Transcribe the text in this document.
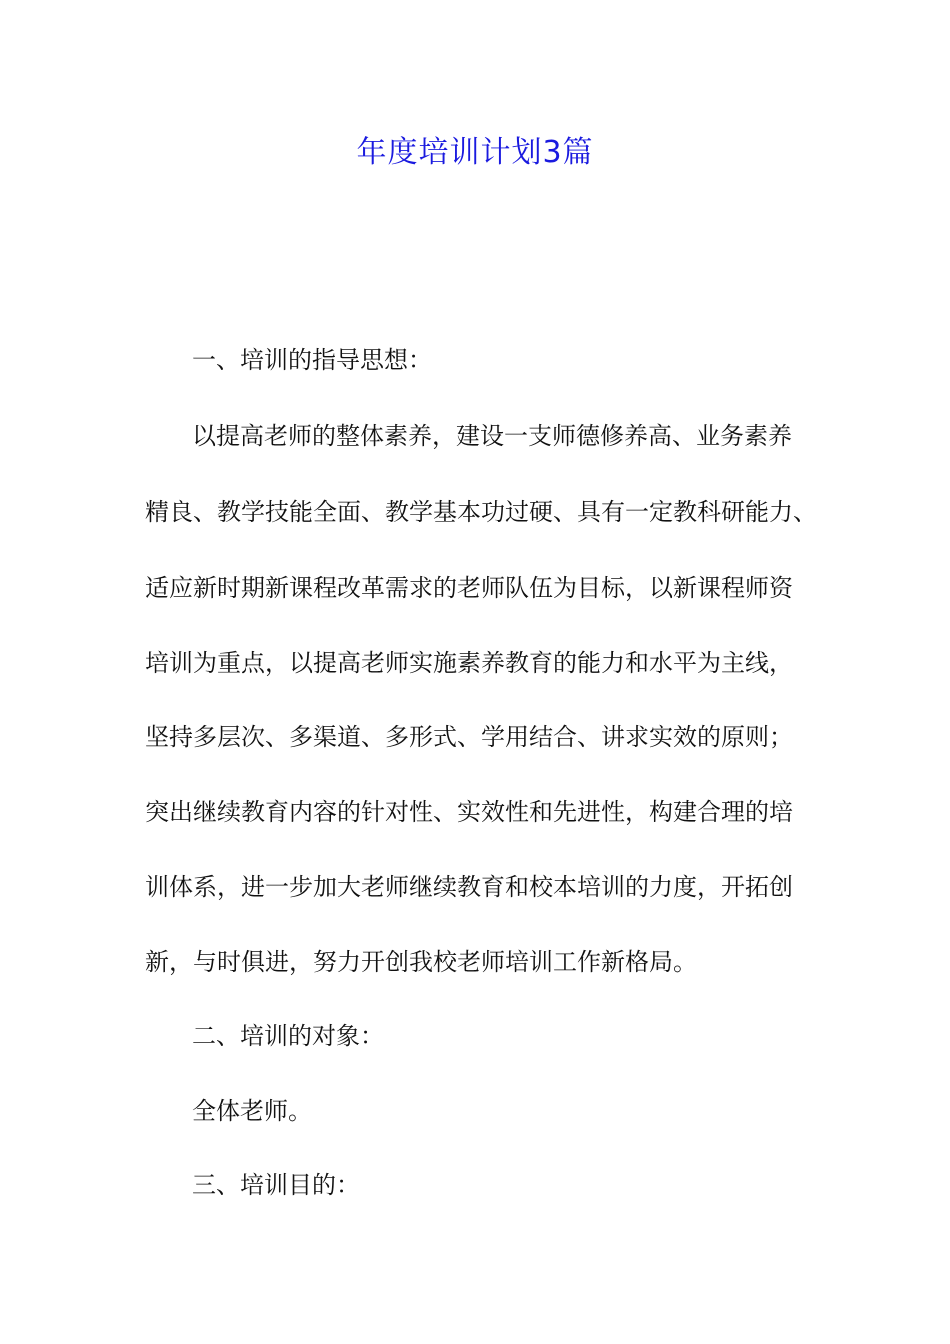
年度培训计划3篇
一、培训的指导思想：
以提高老师的整体素养，建设一支师德修养高、业务素养
精良、教学技能全面、教学基本功过硬、具有一定教科研能力、
适应新时期新课程改革需求的老师队伍为目标，以新课程师资
培训为重点，以提高老师实施素养教育的能力和水平为主线，
坚持多层次、多渠道、多形式、学用结合、讲求实效的原则；
突出继续教育内容的针对性、实效性和先进性，构建合理的培
训体系，进一步加大老师继续教育和校本培训的力度，开拓创
新，与时俱进，努力开创我校老师培训工作新格局。
二、培训的对象：
全体老师。
三、培训目的：
